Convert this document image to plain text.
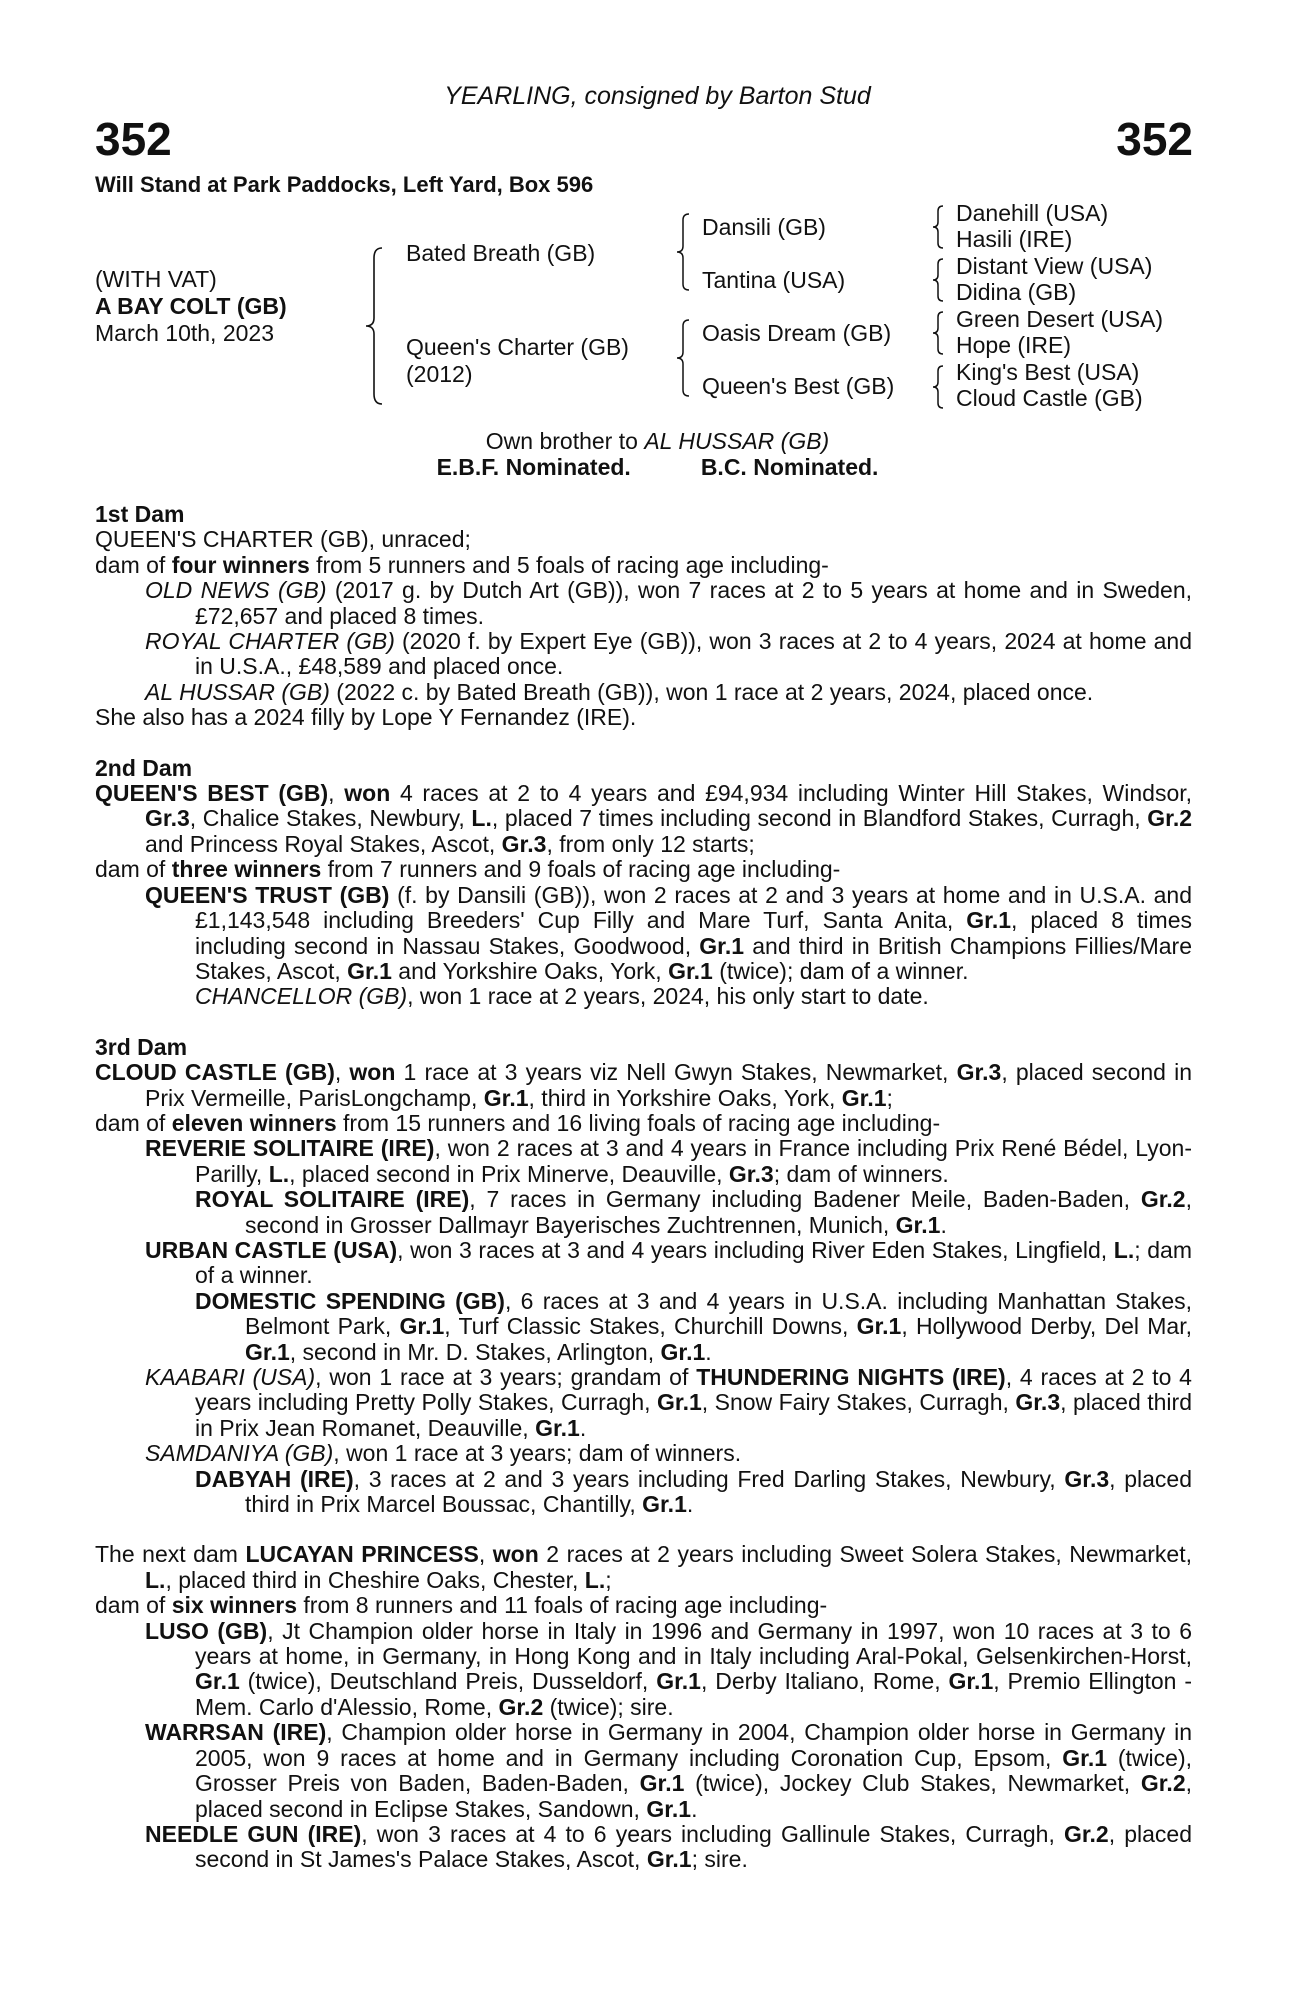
YEARLING, consigned by Barton Stud
352	352
Will Stand at Park Paddocks, Left Yard, Box 596
(WITH VAT)
A BAY COLT (GB)
March 10th, 2023
Bated Breath (GB)
Queen's Charter (GB)
(2012)
Dansili (GB)
Tantina (USA)
Oasis Dream (GB)
Queen's Best (GB)
Danehill (USA)
Hasili (IRE)
Distant View (USA)
Didina (GB)
Green Desert (USA)
Hope (IRE)
King's Best (USA)
Cloud Castle (GB)
Own brother to AL HUSSAR (GB)
E.B.F. Nominated.	B.C. Nominated.
1st Dam
QUEEN'S CHARTER (GB), unraced;
dam of four winners from 5 runners and 5 foals of racing age including-
OLD NEWS (GB) (2017 g. by Dutch Art (GB)), won 7 races at 2 to 5 years at home and in Sweden, £72,657 and placed 8 times.
ROYAL CHARTER (GB) (2020 f. by Expert Eye (GB)), won 3 races at 2 to 4 years, 2024 at home and in U.S.A., £48,589 and placed once.
AL HUSSAR (GB) (2022 c. by Bated Breath (GB)), won 1 race at 2 years, 2024, placed once.
She also has a 2024 filly by Lope Y Fernandez (IRE).
2nd Dam
QUEEN'S BEST (GB), won 4 races at 2 to 4 years and £94,934 including Winter Hill Stakes, Windsor, Gr.3, Chalice Stakes, Newbury, L., placed 7 times including second in Blandford Stakes, Curragh, Gr.2 and Princess Royal Stakes, Ascot, Gr.3, from only 12 starts;
dam of three winners from 7 runners and 9 foals of racing age including-
QUEEN'S TRUST (GB) (f. by Dansili (GB)), won 2 races at 2 and 3 years at home and in U.S.A. and £1,143,548 including Breeders' Cup Filly and Mare Turf, Santa Anita, Gr.1, placed 8 times including second in Nassau Stakes, Goodwood, Gr.1 and third in British Champions Fillies/Mare Stakes, Ascot, Gr.1 and Yorkshire Oaks, York, Gr.1 (twice); dam of a winner.
CHANCELLOR (GB), won 1 race at 2 years, 2024, his only start to date.
3rd Dam
CLOUD CASTLE (GB), won 1 race at 3 years viz Nell Gwyn Stakes, Newmarket, Gr.3, placed second in Prix Vermeille, ParisLongchamp, Gr.1, third in Yorkshire Oaks, York, Gr.1;
dam of eleven winners from 15 runners and 16 living foals of racing age including-
REVERIE SOLITAIRE (IRE), won 2 races at 3 and 4 years in France including Prix René Bédel, Lyon-Parilly, L., placed second in Prix Minerve, Deauville, Gr.3; dam of winners.
ROYAL SOLITAIRE (IRE), 7 races in Germany including Badener Meile, Baden-Baden, Gr.2, second in Grosser Dallmayr Bayerisches Zuchtrennen, Munich, Gr.1.
URBAN CASTLE (USA), won 3 races at 3 and 4 years including River Eden Stakes, Lingfield, L.; dam of a winner.
DOMESTIC SPENDING (GB), 6 races at 3 and 4 years in U.S.A. including Manhattan Stakes, Belmont Park, Gr.1, Turf Classic Stakes, Churchill Downs, Gr.1, Hollywood Derby, Del Mar, Gr.1, second in Mr. D. Stakes, Arlington, Gr.1.
KAABARI (USA), won 1 race at 3 years; grandam of THUNDERING NIGHTS (IRE), 4 races at 2 to 4 years including Pretty Polly Stakes, Curragh, Gr.1, Snow Fairy Stakes, Curragh, Gr.3, placed third in Prix Jean Romanet, Deauville, Gr.1.
SAMDANIYA (GB), won 1 race at 3 years; dam of winners.
DABYAH (IRE), 3 races at 2 and 3 years including Fred Darling Stakes, Newbury, Gr.3, placed third in Prix Marcel Boussac, Chantilly, Gr.1.
The next dam LUCAYAN PRINCESS, won 2 races at 2 years including Sweet Solera Stakes, Newmarket, L., placed third in Cheshire Oaks, Chester, L.;
dam of six winners from 8 runners and 11 foals of racing age including-
LUSO (GB), Jt Champion older horse in Italy in 1996 and Germany in 1997, won 10 races at 3 to 6 years at home, in Germany, in Hong Kong and in Italy including Aral-Pokal, Gelsenkirchen-Horst, Gr.1 (twice), Deutschland Preis, Dusseldorf, Gr.1, Derby Italiano, Rome, Gr.1, Premio Ellington - Mem. Carlo d'Alessio, Rome, Gr.2 (twice); sire.
WARRSAN (IRE), Champion older horse in Germany in 2004, Champion older horse in Germany in 2005, won 9 races at home and in Germany including Coronation Cup, Epsom, Gr.1 (twice), Grosser Preis von Baden, Baden-Baden, Gr.1 (twice), Jockey Club Stakes, Newmarket, Gr.2, placed second in Eclipse Stakes, Sandown, Gr.1.
NEEDLE GUN (IRE), won 3 races at 4 to 6 years including Gallinule Stakes, Curragh, Gr.2, placed second in St James's Palace Stakes, Ascot, Gr.1; sire.
